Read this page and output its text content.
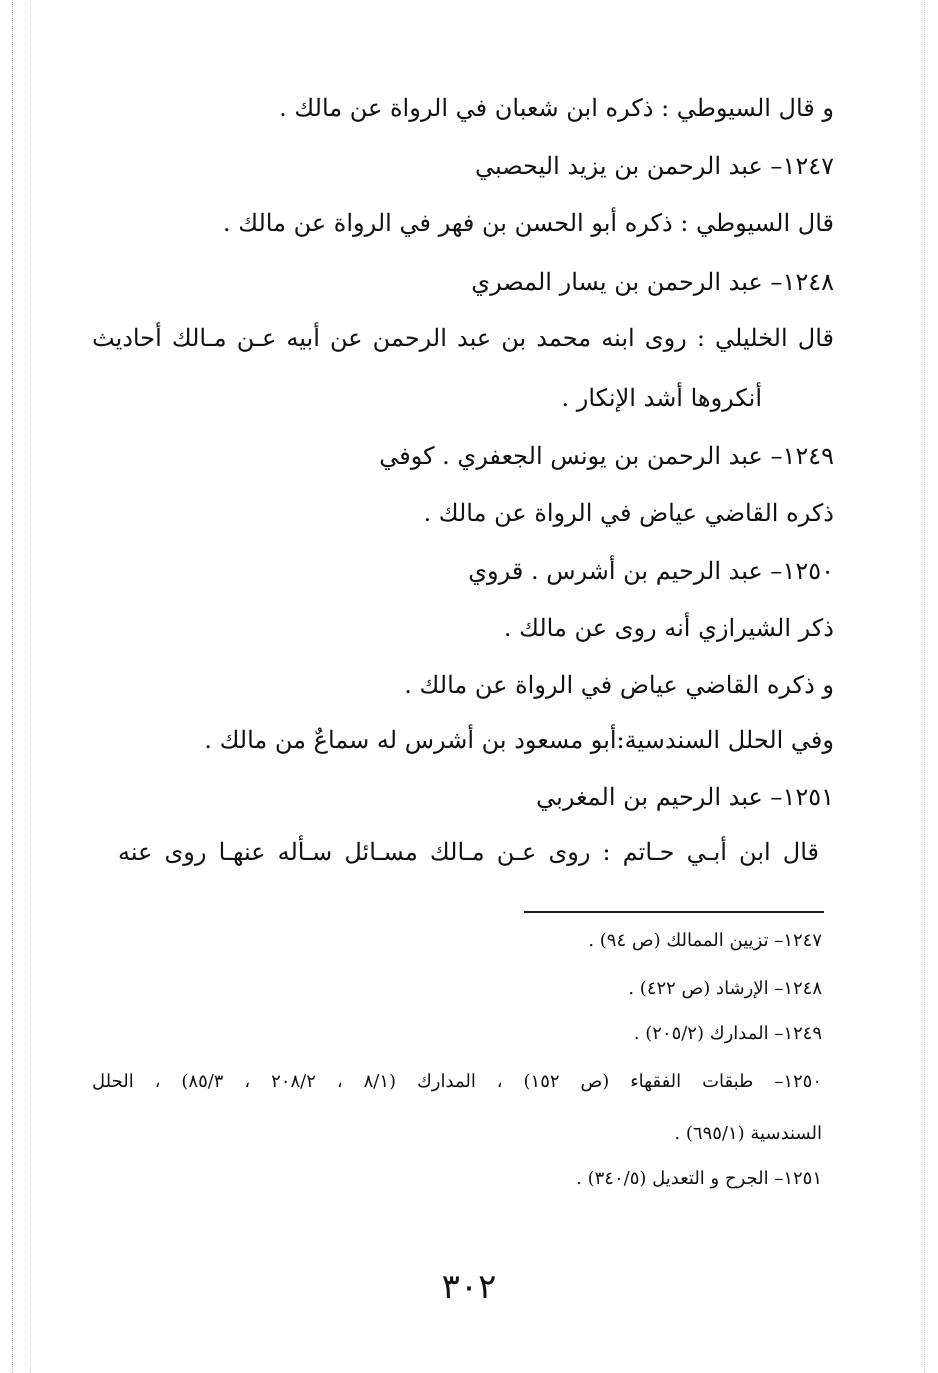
و قال السيوطي : ذكره ابن شعبان في الرواة عن مالك .
١٢٤٧– عبد الرحمن بن يزيد اليحصبي
قال السيوطي : ذكره أبو الحسن بن فهر في الرواة عن مالك .
١٢٤٨– عبد الرحمن بن يسار المصري
قال الخليلي : روى ابنه محمد بن عبد الرحمن عن أبيه عـن مـالك أحاديث
أنكروها أشد الإنكار .
١٢٤٩– عبد الرحمن بن يونس الجعفري . كوفي
ذكره القاضي عياض في الرواة عن مالك .
١٢٥٠– عبد الرحيم بن أشرس . قروي
ذكر الشيرازي أنه روى عن مالك .
و ذكره القاضي عياض في الرواة عن مالك .
وفي الحلل السندسية:أبو مسعود بن أشرس له سماعٌ من مالك .
١٢٥١– عبد الرحيم بن المغربي
قال ابن أبـي حـاتم : روى عـن مـالك مسـائل سـأله عنهـا روى عنه
١٢٤٧– تزيين الممالك (ص ٩٤) .
١٢٤٨– الإرشاد (ص ٤٢٢) .
١٢٤٩– المدارك (٢٠٥/٢) .
١٢٥٠– طبقات الفقهاء (ص ١٥٢) ، المدارك (٨/١ ، ٢٠٨/٢ ، ٨٥/٣) ، الحلل
السندسية (٦٩٥/١) .
١٢٥١– الجرح و التعديل (٣٤٠/٥) .
٣٠٢
